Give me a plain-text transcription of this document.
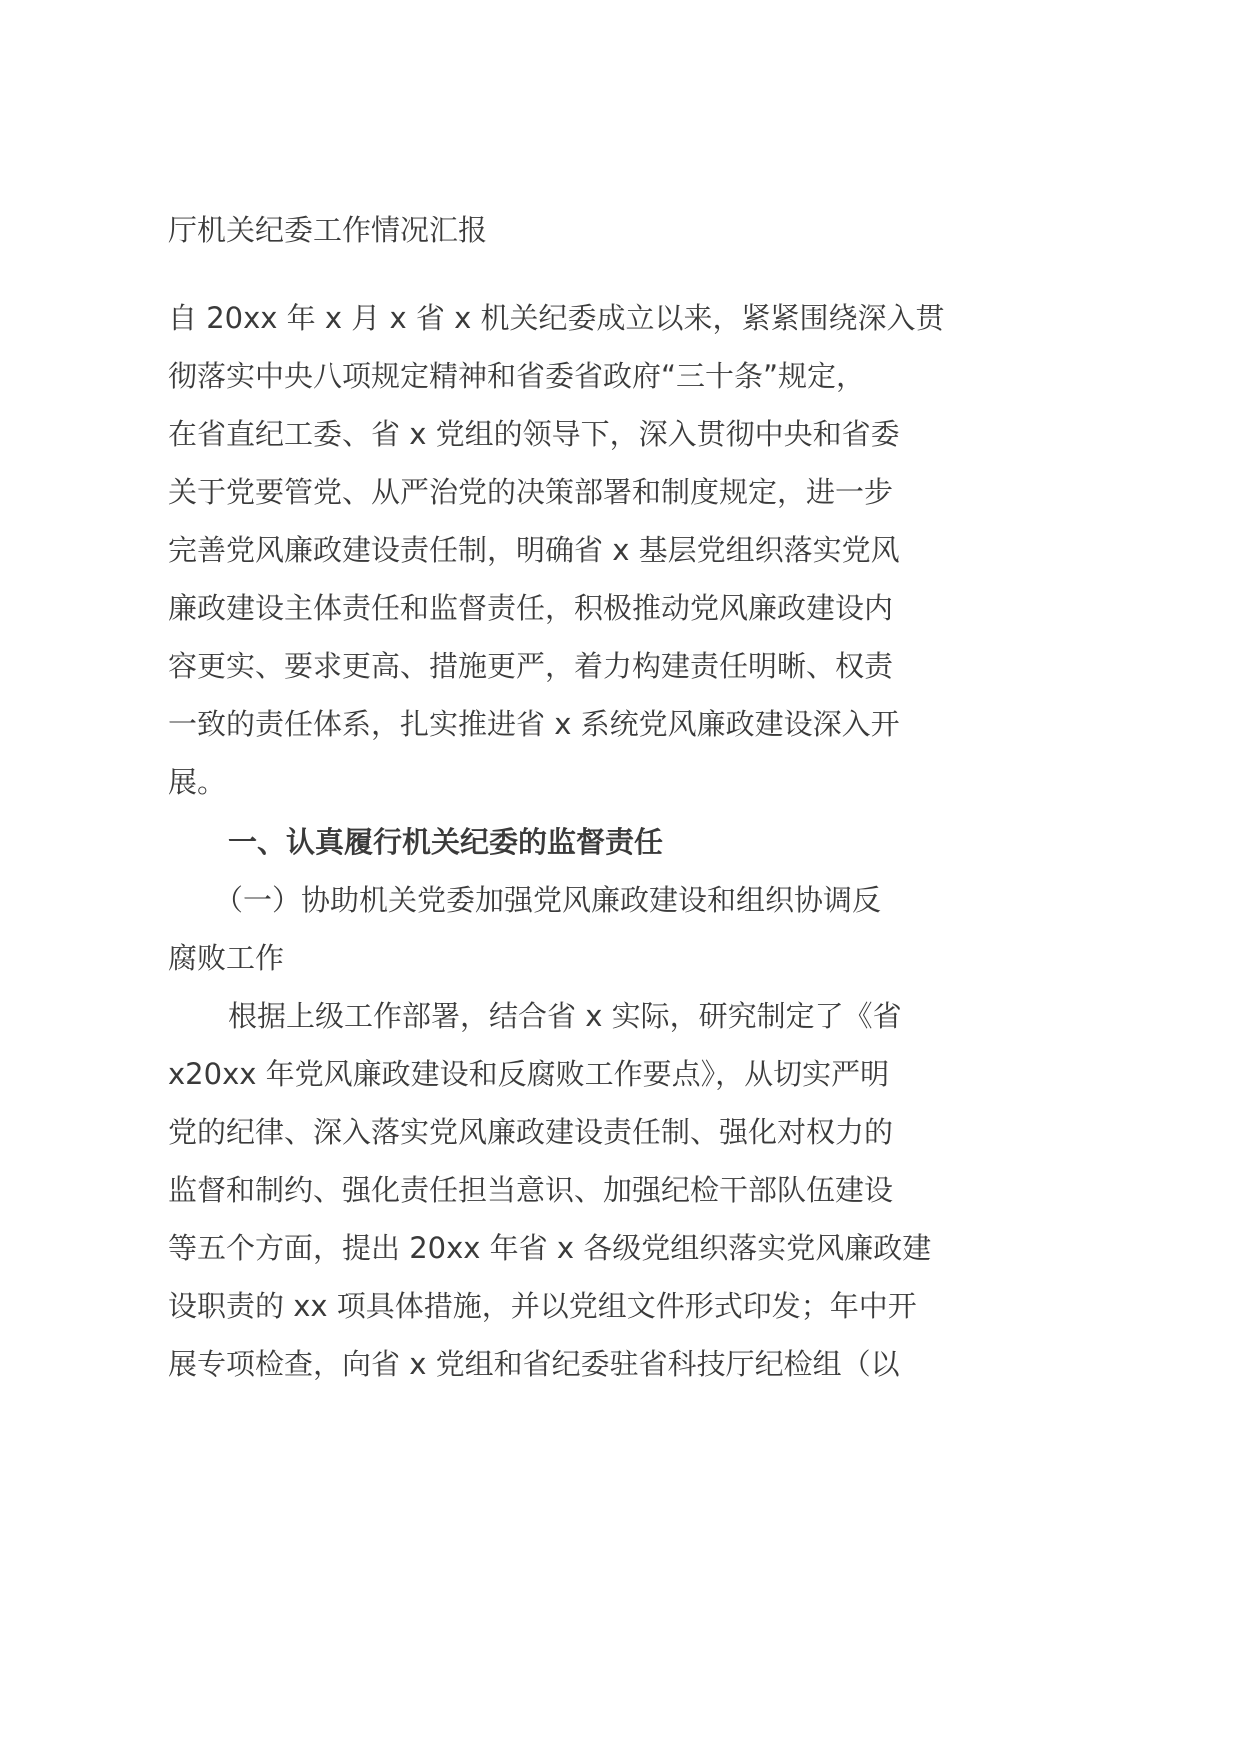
厅机关纪委工作情况汇报
自 20xx 年 x 月 x 省 x 机关纪委成立以来，紧紧围绕深入贯
彻落实中央八项规定精神和省委省政府“三十条”规定，
在省直纪工委、省 x 党组的领导下，深入贯彻中央和省委
关于党要管党、从严治党的决策部署和制度规定，进一步
完善党风廉政建设责任制，明确省 x 基层党组织落实党风
廉政建设主体责任和监督责任，积极推动党风廉政建设内
容更实、要求更高、措施更严，着力构建责任明晰、权责
一致的责任体系，扎实推进省 x 系统党风廉政建设深入开
展。
一、认真履行机关纪委的监督责任
（一）协助机关党委加强党风廉政建设和组织协调反
腐败工作
根据上级工作部署，结合省 x 实际，研究制定了《省
x20xx 年党风廉政建设和反腐败工作要点》，从切实严明
党的纪律、深入落实党风廉政建设责任制、强化对权力的
监督和制约、强化责任担当意识、加强纪检干部队伍建设
等五个方面，提出 20xx 年省 x 各级党组织落实党风廉政建
设职责的 xx 项具体措施，并以党组文件形式印发；年中开
展专项检查，向省 x 党组和省纪委驻省科技厅纪检组（以
